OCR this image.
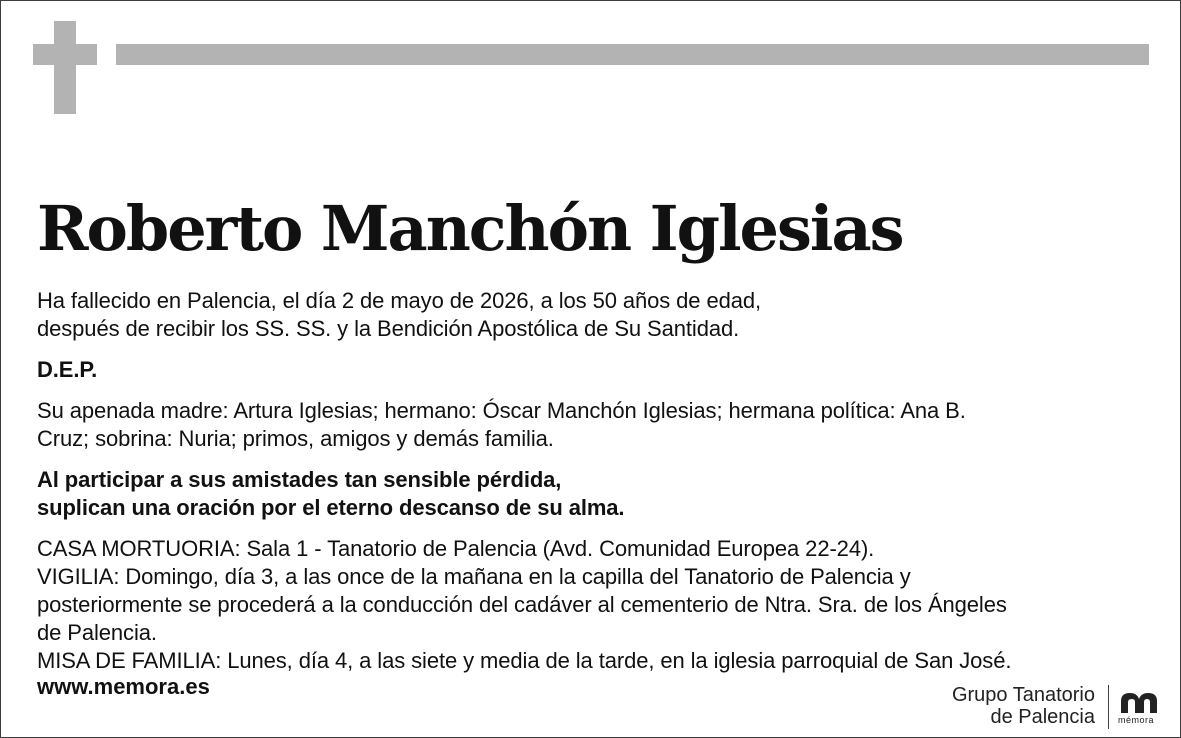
Roberto Manchón Iglesias

Ha fallecido en Palencia, el día 2 de mayo de 2026, a los 50 años de edad,
después de recibir los SS. SS. y la Bendición Apostólica de Su Santidad.

D.E.P.

Su apenada madre: Artura Iglesias; hermano: Óscar Manchón Iglesias; hermana política: Ana B.
Cruz; sobrina: Nuria; primos, amigos y demás familia.

Al participar a sus amistades tan sensible pérdida,
suplican una oración por el eterno descanso de su alma.

CASA MORTUORIA: Sala 1 - Tanatorio de Palencia (Avd. Comunidad Europea 22-24).
VIGILIA: Domingo, día 3, a las once de la mañana en la capilla del Tanatorio de Palencia y
posteriormente se procederá a la conducción del cadáver al cementerio de Ntra. Sra. de los Ángeles
de Palencia.
MISA DE FAMILIA: Lunes, día 4, a las siete y media de la tarde, en la iglesia parroquial de San José.

www.memora.es	Grupo Tanatorio
de Palencia	mémora
